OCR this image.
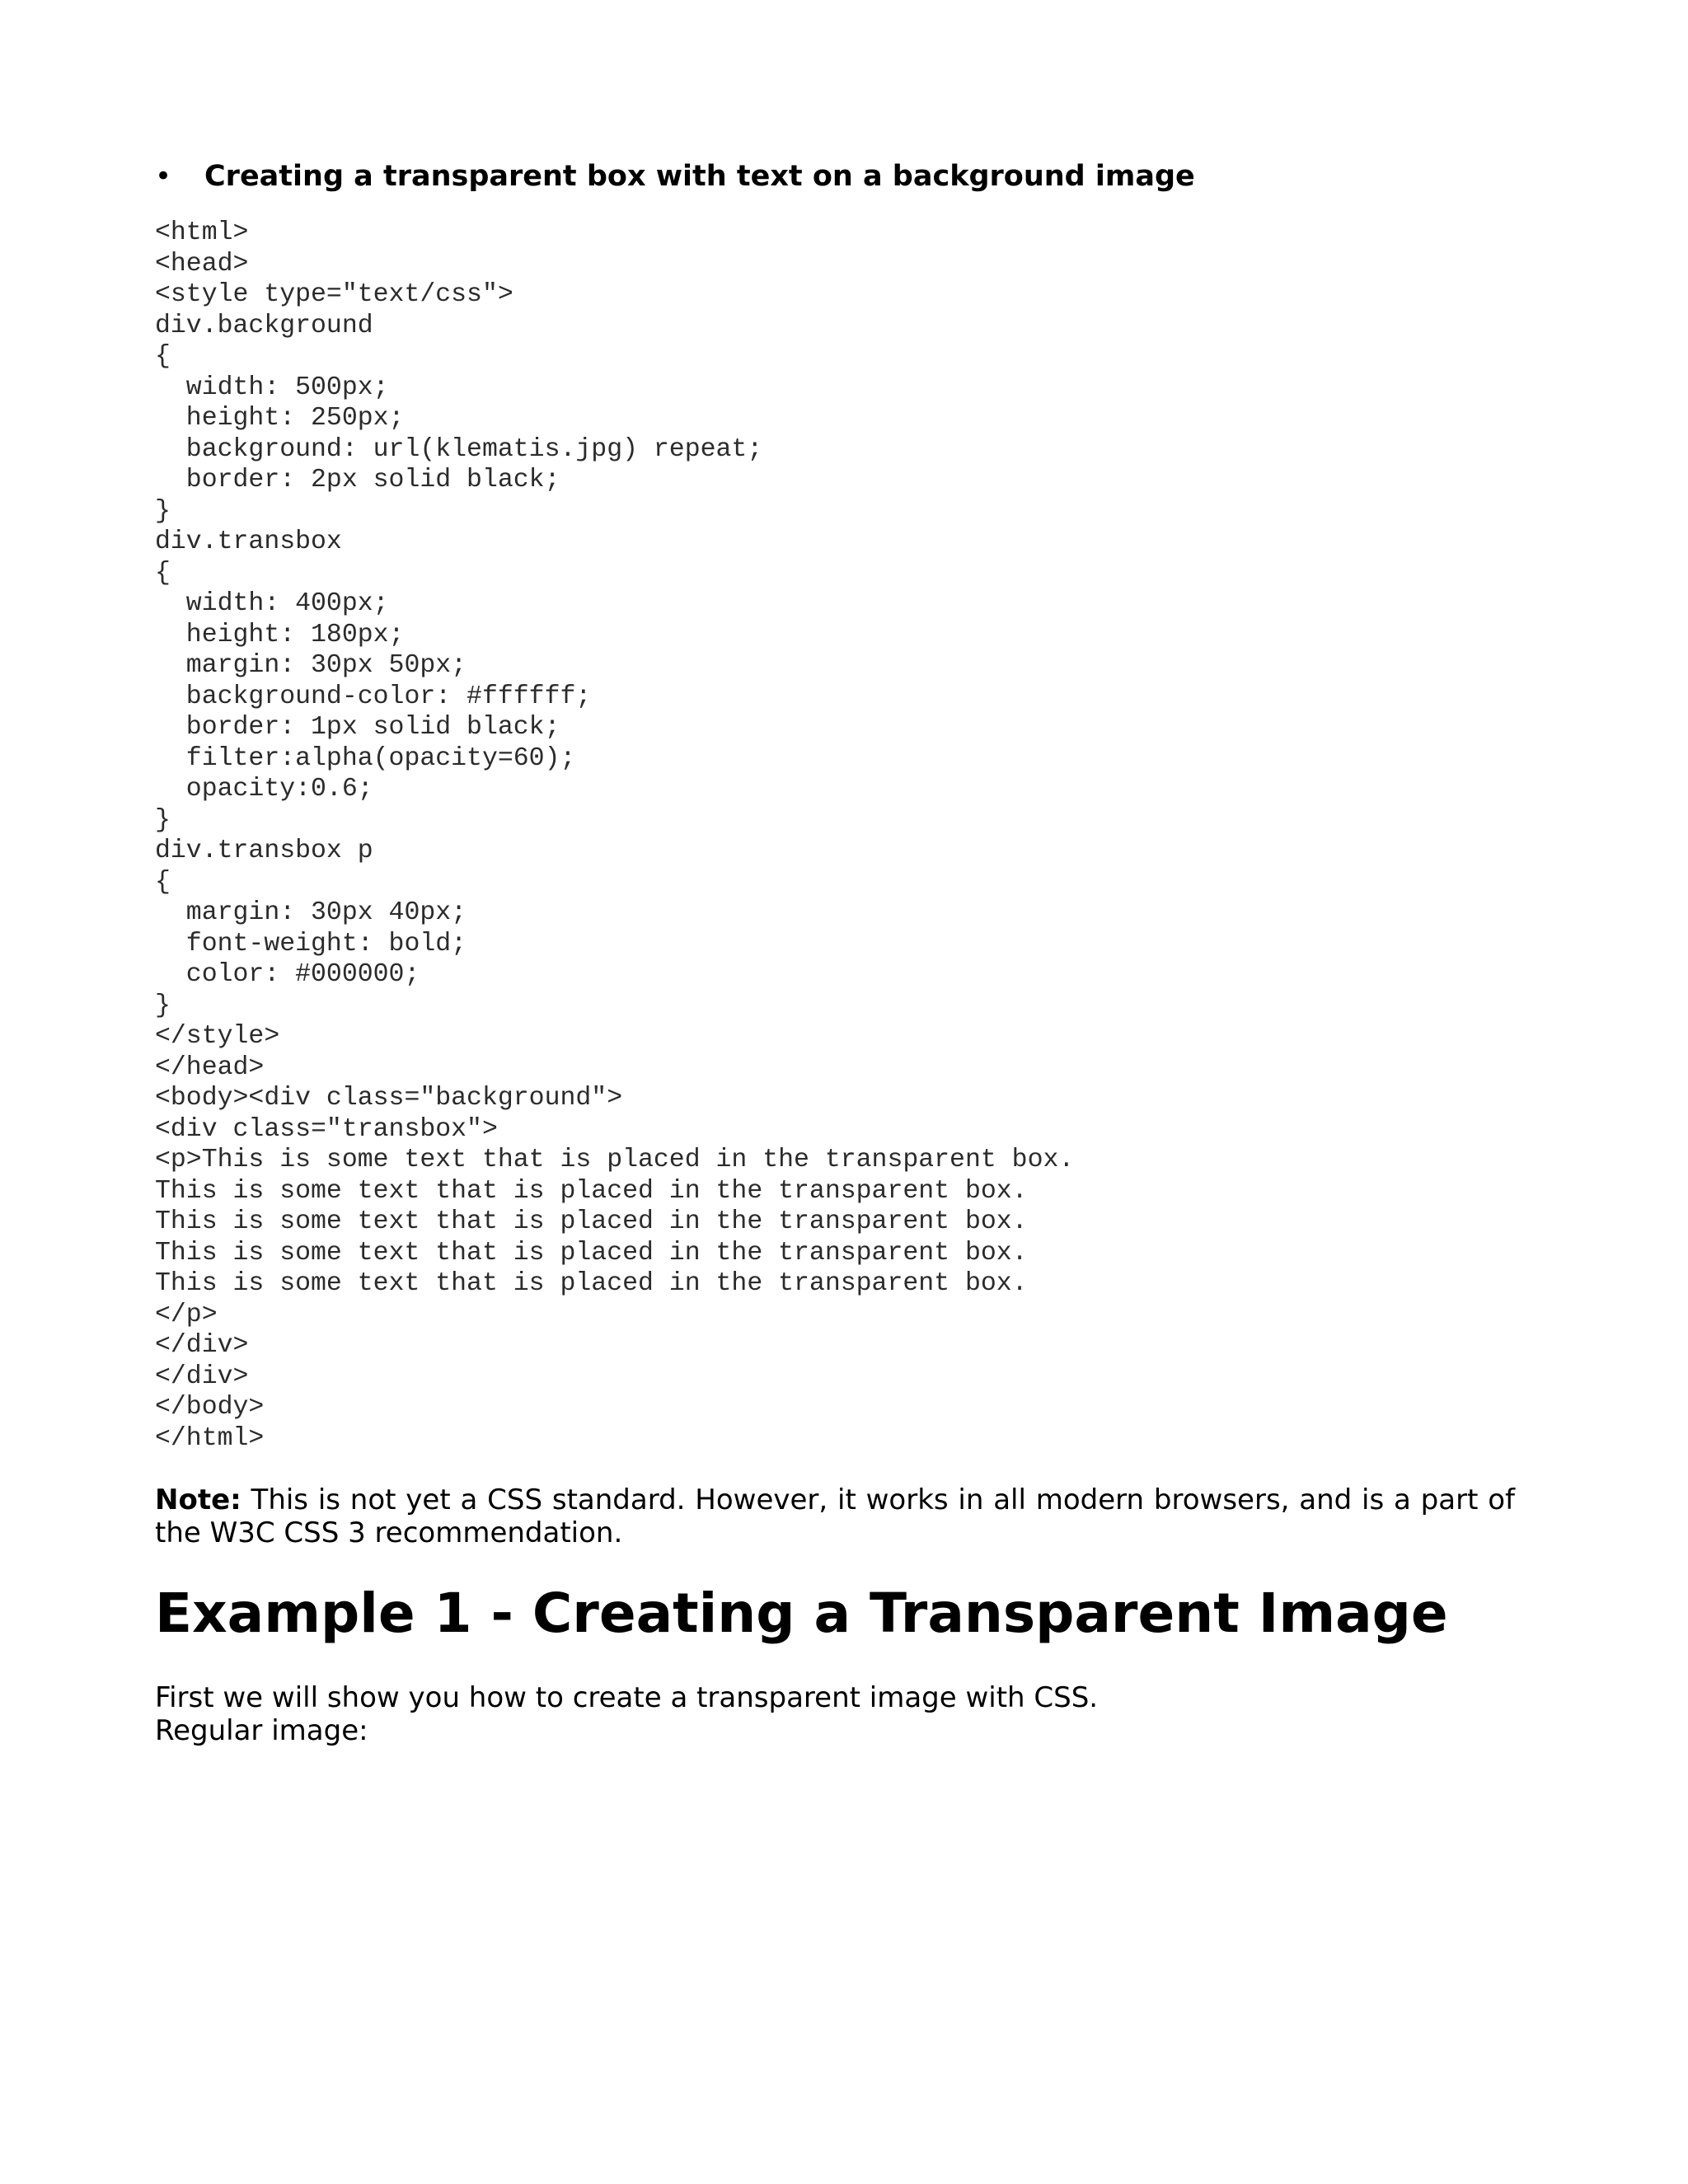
•	Creating a transparent box with text on a background image
<html>
<head>
<style type="text/css">
div.background
{
width: 500px;
height: 250px;
background: url(klematis.jpg) repeat;
border: 2px solid black;
}
div.transbox
{
width: 400px;
height: 180px;
margin: 30px 50px;
background-color: #ffffff;
border: 1px solid black;
filter:alpha(opacity=60);
opacity:0.6;
}
div.transbox p
{
margin: 30px 40px;
font-weight: bold;
color: #000000;
}
</style>
</head>
<body><div class="background">
<div class="transbox">
<p>This is some text that is placed in the transparent box.
This is some text that is placed in the transparent box.
This is some text that is placed in the transparent box.
This is some text that is placed in the transparent box.
This is some text that is placed in the transparent box.
</p>
</div>
</div>
</body>
</html>
Note: This is not yet a CSS standard. However, it works in all modern browsers, and is a part of the W3C CSS 3 recommendation.
Example 1 - Creating a Transparent Image
First we will show you how to create a transparent image with CSS.
Regular image:
